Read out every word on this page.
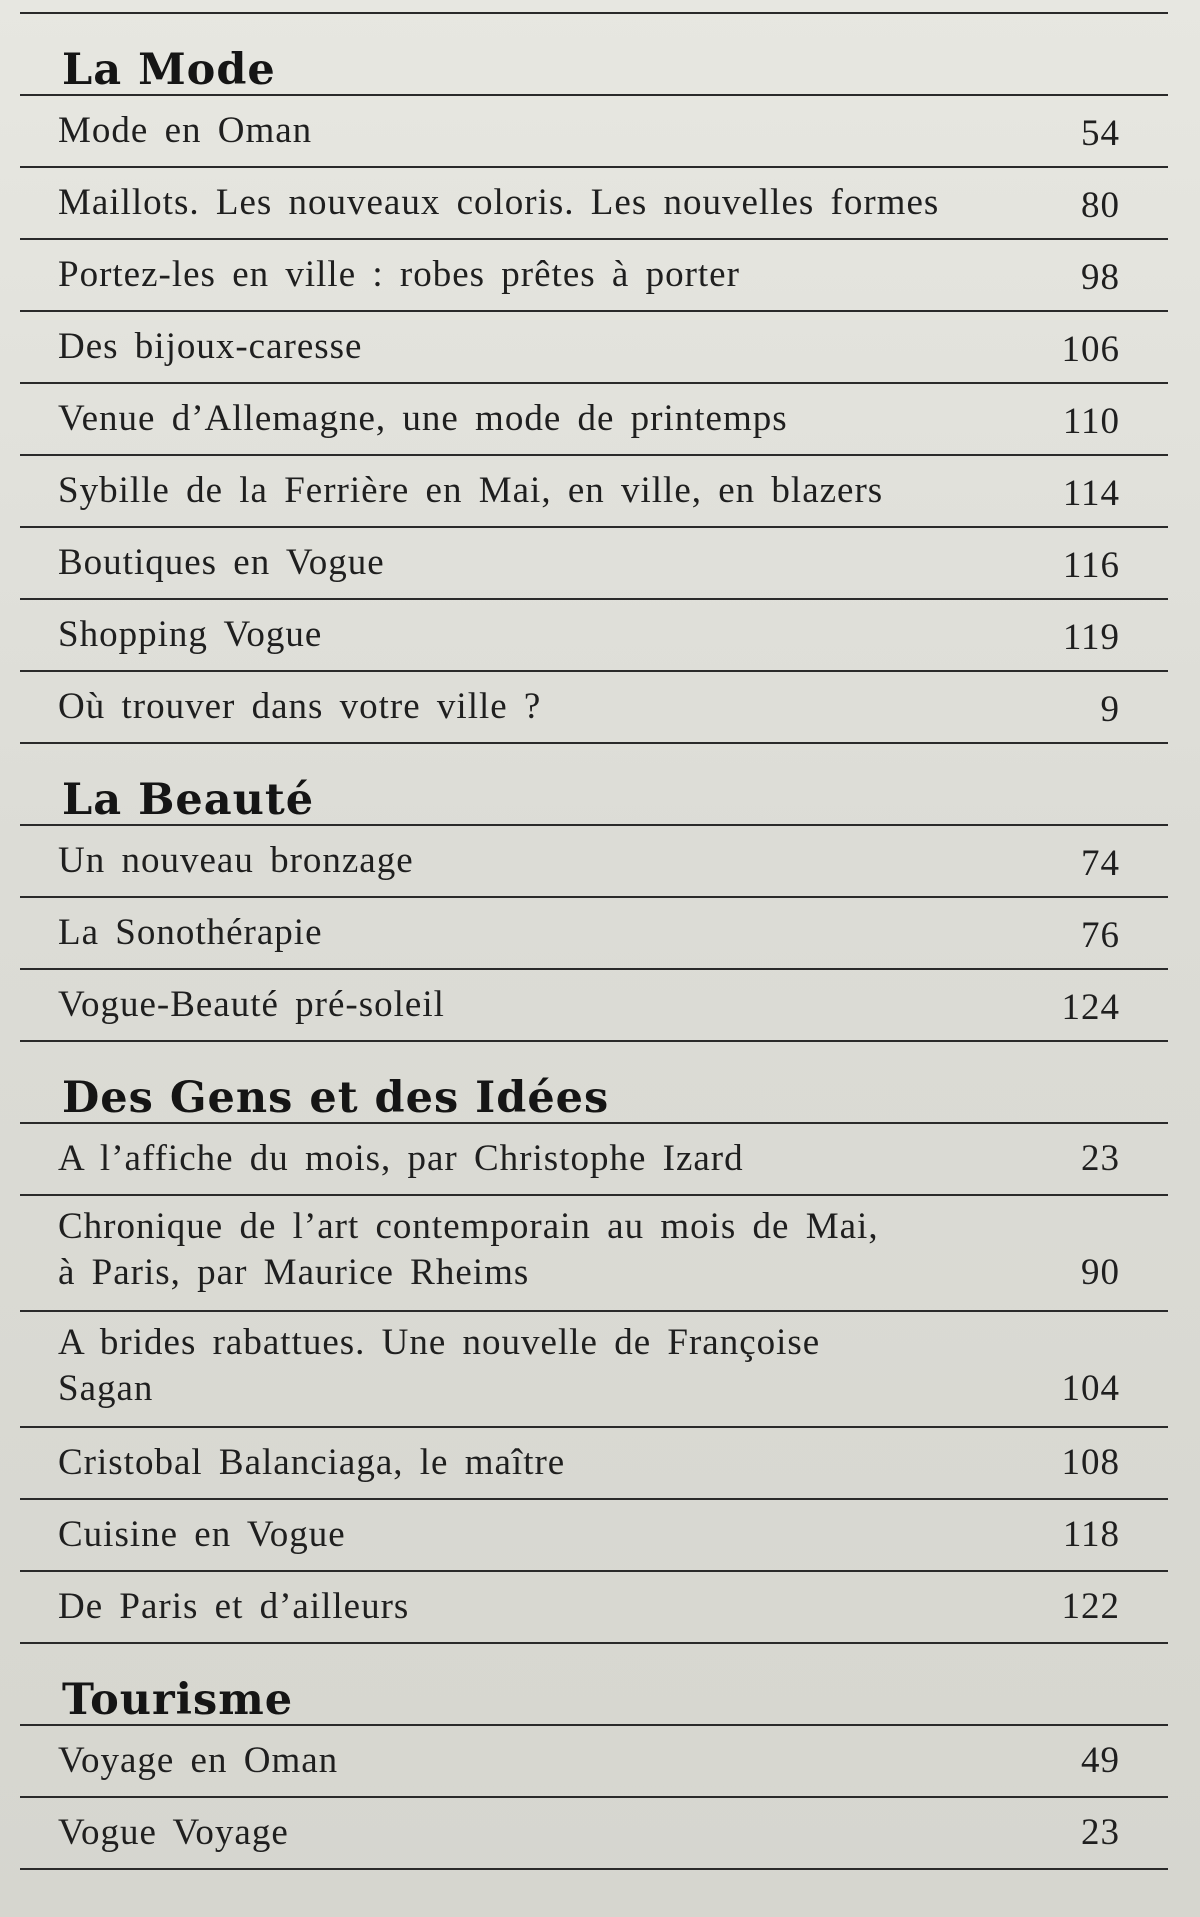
La Mode
Mode en Oman	54
Maillots. Les nouveaux coloris. Les nouvelles formes	80
Portez-les en ville : robes prêtes à porter	98
Des bijoux-caresse	106
Venue d’Allemagne, une mode de printemps	110
Sybille de la Ferrière en Mai, en ville, en blazers	114
Boutiques en Vogue	116
Shopping Vogue	119
Où trouver dans votre ville ?	9
La Beauté
Un nouveau bronzage	74
La Sonothérapie	76
Vogue-Beauté pré-soleil	124
Des Gens et des Idées
A l’affiche du mois, par Christophe Izard	23
Chronique de l’art contemporain au mois de Mai,
à Paris, par Maurice Rheims	90
A brides rabattues. Une nouvelle de Françoise
Sagan	104
Cristobal Balanciaga, le maître	108
Cuisine en Vogue	118
De Paris et d’ailleurs	122
Tourisme
Voyage en Oman	49
Vogue Voyage	23
